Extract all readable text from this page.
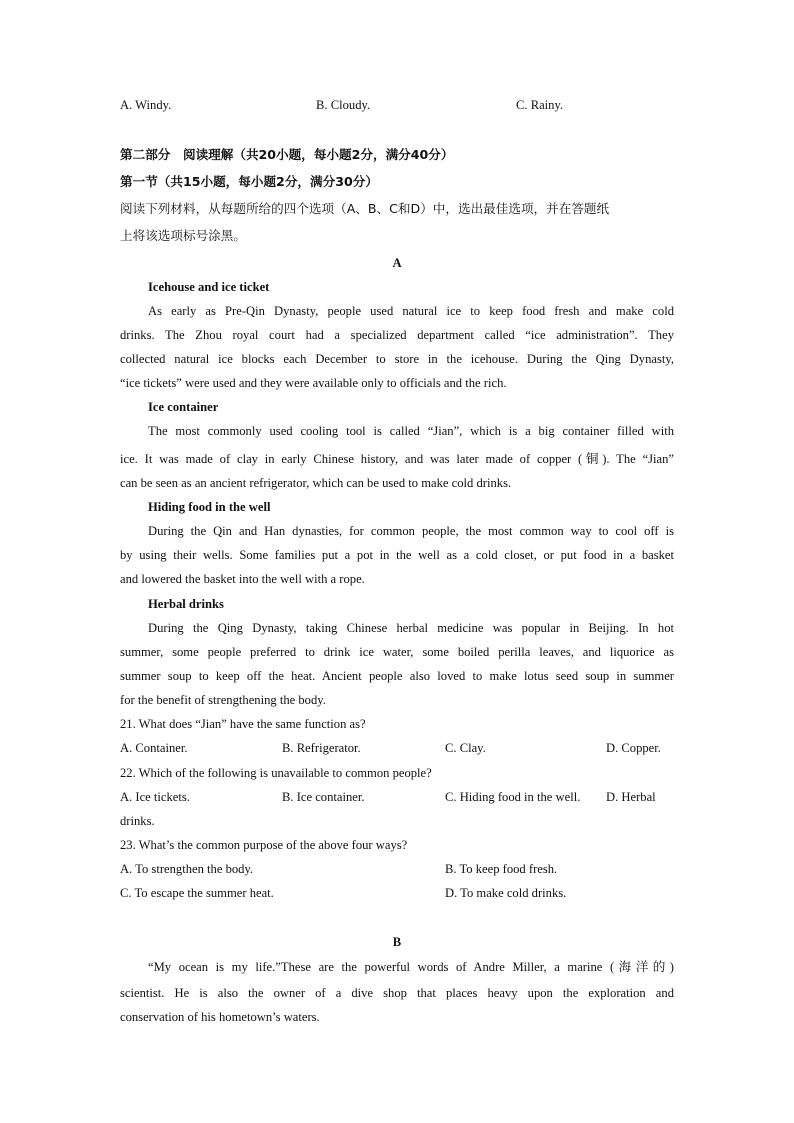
A. Windy.	B. Cloudy.	C. Rainy.
第二部分　阅读理解（共20小题，每小题2分，满分40分）
第一节（共15小题，每小题2分，满分30分）
阅读下列材料，从每题所给的四个选项（A、B、C和D）中，选出最佳选项，并在答题纸
上将该选项标号涂黑。
A
Icehouse and ice ticket
As early as Pre-Qin Dynasty, people used natural ice to keep food fresh and make cold
drinks. The Zhou royal court had a specialized department called “ice administration”. They
collected natural ice blocks each December to store in the icehouse. During the Qing Dynasty,
“ice tickets” were used and they were available only to officials and the rich.
Ice container
The most commonly used cooling tool is called “Jian”, which is a big container filled with
ice. It was made of clay in early Chinese history, and was later made of copper (铜). The “Jian”
can be seen as an ancient refrigerator, which can be used to make cold drinks.
Hiding food in the well
During the Qin and Han dynasties, for common people, the most common way to cool off is
by using their wells. Some families put a pot in the well as a cold closet, or put food in a basket
and lowered the basket into the well with a rope.
Herbal drinks
During the Qing Dynasty, taking Chinese herbal medicine was popular in Beijing. In hot
summer, some people preferred to drink ice water, some boiled perilla leaves, and liquorice as
summer soup to keep off the heat. Ancient people also loved to make lotus seed soup in summer
for the benefit of strengthening the body.
21. What does “Jian” have the same function as?
A. Container.	B. Refrigerator.	C. Clay.	D. Copper.
22. Which of the following is unavailable to common people?
A. Ice tickets.	B. Ice container.	C. Hiding food in the well. D. Herbal
drinks.
23. What’s the common purpose of the above four ways?
A. To strengthen the body.	B. To keep food fresh.
C. To escape the summer heat.	D. To make cold drinks.
B
“My ocean is my life.”These are the powerful words of Andre Miller, a marine (海洋的)
scientist. He is also the owner of a dive shop that places heavy upon the exploration and
conservation of his hometown’s waters.
